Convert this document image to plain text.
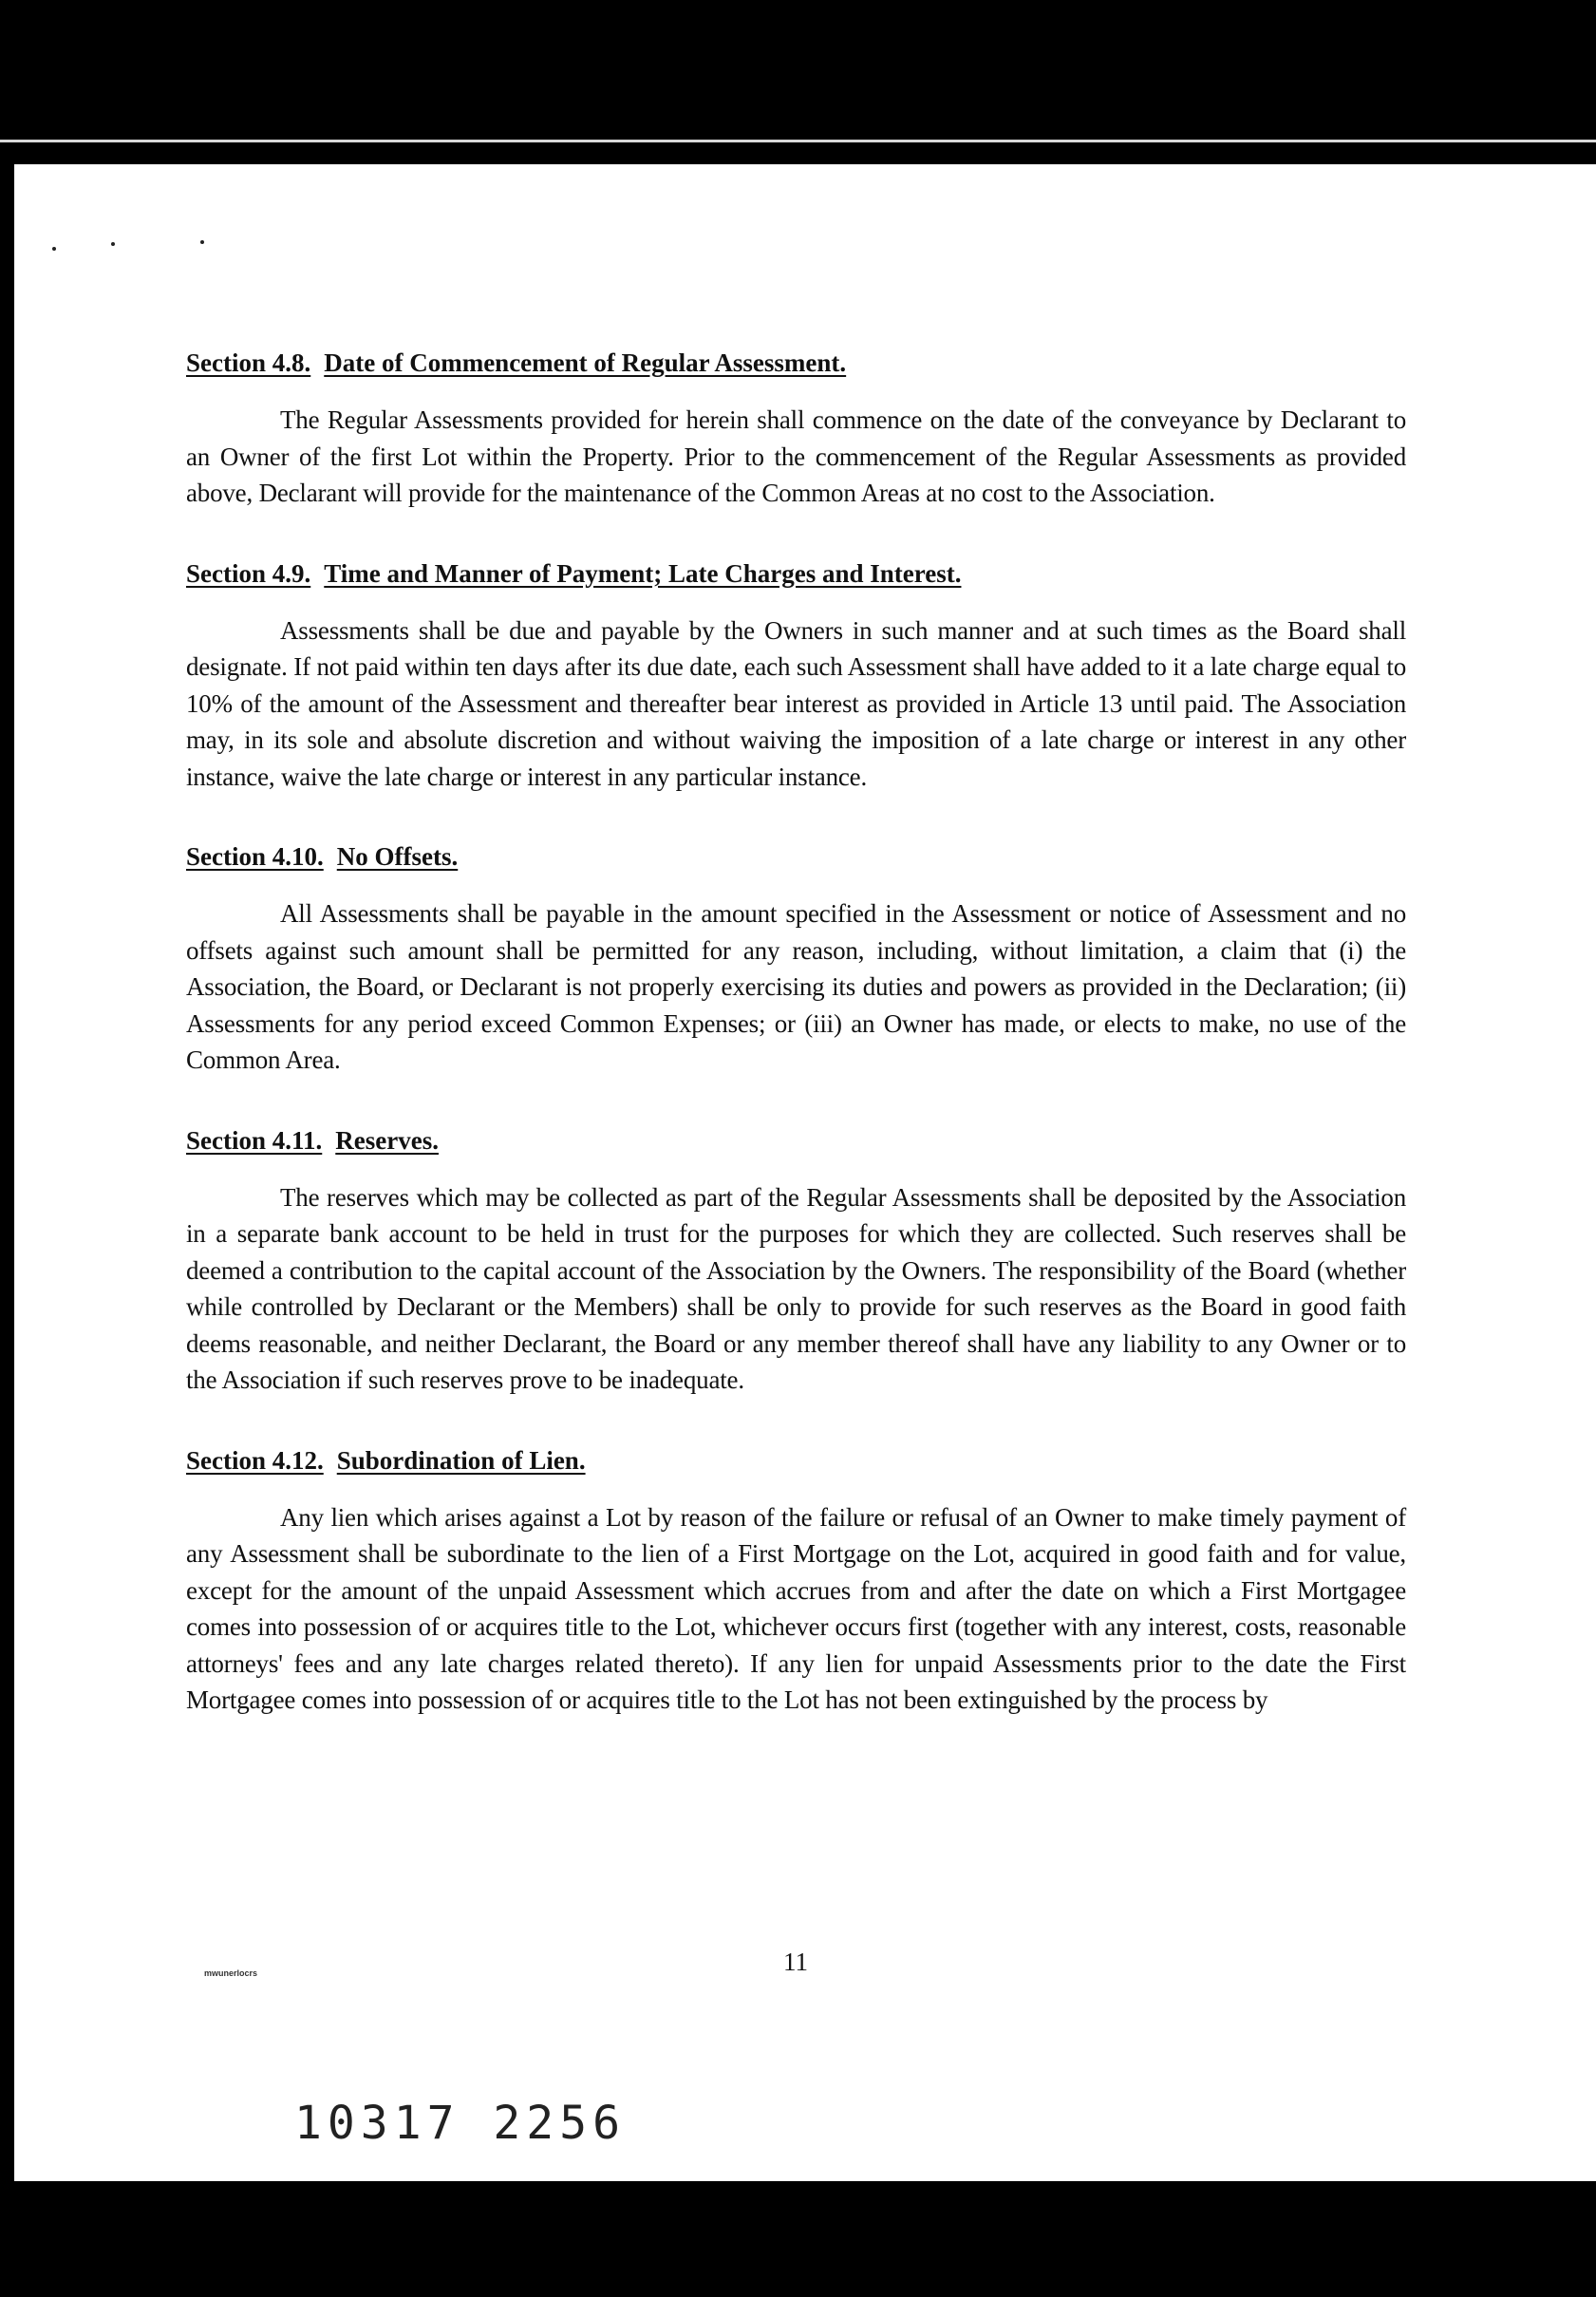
Section 4.8. Date of Commencement of Regular Assessment.

The Regular Assessments provided for herein shall commence on the date of the conveyance by Declarant to an Owner of the first Lot within the Property. Prior to the commencement of the Regular Assessments as provided above, Declarant will provide for the maintenance of the Common Areas at no cost to the Association.

Section 4.9. Time and Manner of Payment; Late Charges and Interest.

Assessments shall be due and payable by the Owners in such manner and at such times as the Board shall designate. If not paid within ten days after its due date, each such Assessment shall have added to it a late charge equal to 10% of the amount of the Assessment and thereafter bear interest as provided in Article 13 until paid. The Association may, in its sole and absolute discretion and without waiving the imposition of a late charge or interest in any other instance, waive the late charge or interest in any particular instance.

Section 4.10. No Offsets.

All Assessments shall be payable in the amount specified in the Assessment or notice of Assessment and no offsets against such amount shall be permitted for any reason, including, without limitation, a claim that (i) the Association, the Board, or Declarant is not properly exercising its duties and powers as provided in the Declaration; (ii) Assessments for any period exceed Common Expenses; or (iii) an Owner has made, or elects to make, no use of the Common Area.

Section 4.11. Reserves.

The reserves which may be collected as part of the Regular Assessments shall be deposited by the Association in a separate bank account to be held in trust for the purposes for which they are collected. Such reserves shall be deemed a contribution to the capital account of the Association by the Owners. The responsibility of the Board (whether while controlled by Declarant or the Members) shall be only to provide for such reserves as the Board in good faith deems reasonable, and neither Declarant, the Board or any member thereof shall have any liability to any Owner or to the Association if such reserves prove to be inadequate.

Section 4.12. Subordination of Lien.

Any lien which arises against a Lot by reason of the failure or refusal of an Owner to make timely payment of any Assessment shall be subordinate to the lien of a First Mortgage on the Lot, acquired in good faith and for value, except for the amount of the unpaid Assessment which accrues from and after the date on which a First Mortgagee comes into possession of or acquires title to the Lot, whichever occurs first (together with any interest, costs, reasonable attorneys' fees and any late charges related thereto). If any lien for unpaid Assessments prior to the date the First Mortgagee comes into possession of or acquires title to the Lot has not been extinguished by the process by

mwunerlocrs	11
10317 2256
